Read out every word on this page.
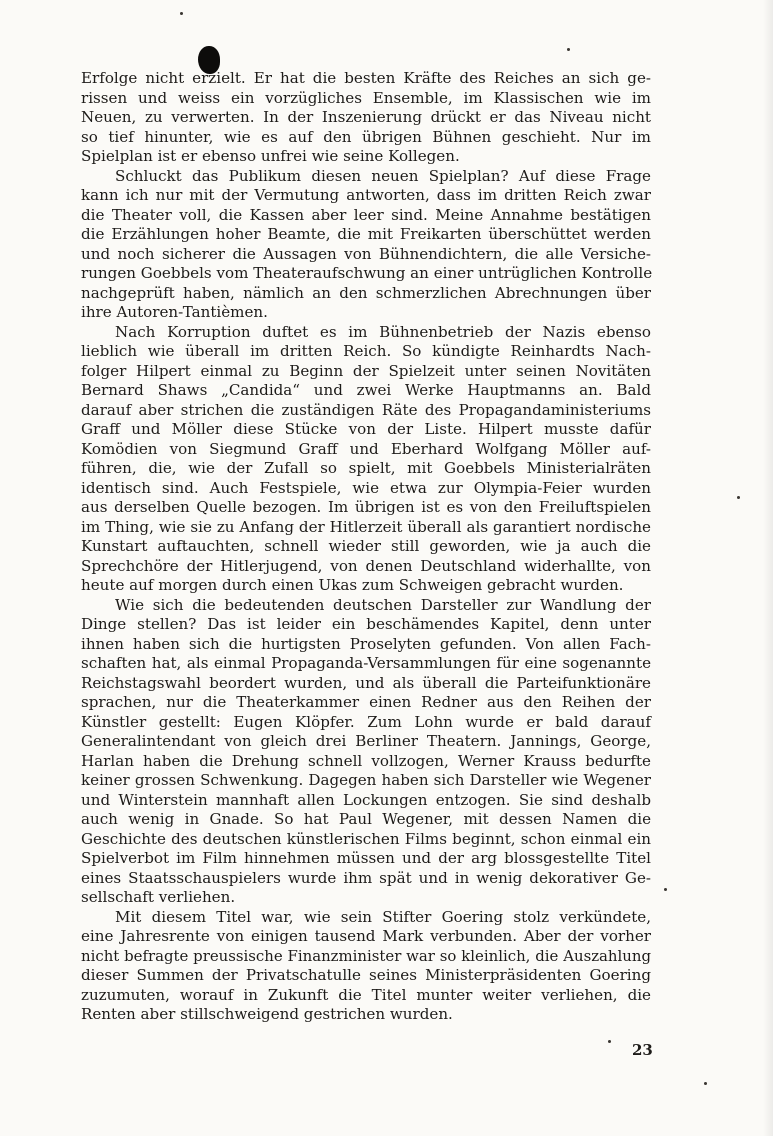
Erfolge nicht erzielt. Er hat die besten Kräfte des Reiches an sich ge-
rissen und weiss ein vorzügliches Ensemble, im Klassischen wie im
Neuen, zu verwerten. In der Inszenierung drückt er das Niveau nicht
so tief hinunter, wie es auf den übrigen Bühnen geschieht. Nur im
Spielplan ist er ebenso unfrei wie seine Kollegen.
Schluckt das Publikum diesen neuen Spielplan? Auf diese Frage
kann ich nur mit der Vermutung antworten, dass im dritten Reich zwar
die Theater voll, die Kassen aber leer sind. Meine Annahme bestätigen
die Erzählungen hoher Beamte, die mit Freikarten überschüttet werden
und noch sicherer die Aussagen von Bühnendichtern, die alle Versiche-
rungen Goebbels vom Theateraufschwung an einer untrüglichen Kontrolle
nachgeprüft haben, nämlich an den schmerzlichen Abrechnungen über
ihre Autoren-Tantièmen.
Nach Korruption duftet es im Bühnenbetrieb der Nazis ebenso
lieblich wie überall im dritten Reich. So kündigte Reinhardts Nach-
folger Hilpert einmal zu Beginn der Spielzeit unter seinen Novitäten
Bernard Shaws „Candida“ und zwei Werke Hauptmanns an. Bald
darauf aber strichen die zuständigen Räte des Propagandaministeriums
Graff und Möller diese Stücke von der Liste. Hilpert musste dafür
Komödien von Siegmund Graff und Eberhard Wolfgang Möller auf-
führen, die, wie der Zufall so spielt, mit Goebbels Ministerialräten
identisch sind. Auch Festspiele, wie etwa zur Olympia-Feier wurden
aus derselben Quelle bezogen. Im übrigen ist es von den Freiluftspielen
im Thing, wie sie zu Anfang der Hitlerzeit überall als garantiert nordische
Kunstart auftauchten, schnell wieder still geworden, wie ja auch die
Sprechchöre der Hitlerjugend, von denen Deutschland widerhallte, von
heute auf morgen durch einen Ukas zum Schweigen gebracht wurden.
Wie sich die bedeutenden deutschen Darsteller zur Wandlung der
Dinge stellen? Das ist leider ein beschämendes Kapitel, denn unter
ihnen haben sich die hurtigsten Proselyten gefunden. Von allen Fach-
schaften hat, als einmal Propaganda-Versammlungen für eine sogenannte
Reichstagswahl beordert wurden, und als überall die Parteifunktionäre
sprachen, nur die Theaterkammer einen Redner aus den Reihen der
Künstler gestellt: Eugen Klöpfer. Zum Lohn wurde er bald darauf
Generalintendant von gleich drei Berliner Theatern. Jannings, George,
Harlan haben die Drehung schnell vollzogen, Werner Krauss bedurfte
keiner grossen Schwenkung. Dagegen haben sich Darsteller wie Wegener
und Winterstein mannhaft allen Lockungen entzogen. Sie sind deshalb
auch wenig in Gnade. So hat Paul Wegener, mit dessen Namen die
Geschichte des deutschen künstlerischen Films beginnt, schon einmal ein
Spielverbot im Film hinnehmen müssen und der arg blossgestellte Titel
eines Staatsschauspielers wurde ihm spät und in wenig dekorativer Ge-
sellschaft verliehen.
Mit diesem Titel war, wie sein Stifter Goering stolz verkündete,
eine Jahresrente von einigen tausend Mark verbunden. Aber der vorher
nicht befragte preussische Finanzminister war so kleinlich, die Auszahlung
dieser Summen der Privatschatulle seines Ministerpräsidenten Goering
zuzumuten, worauf in Zukunft die Titel munter weiter verliehen, die
Renten aber stillschweigend gestrichen wurden.
23
